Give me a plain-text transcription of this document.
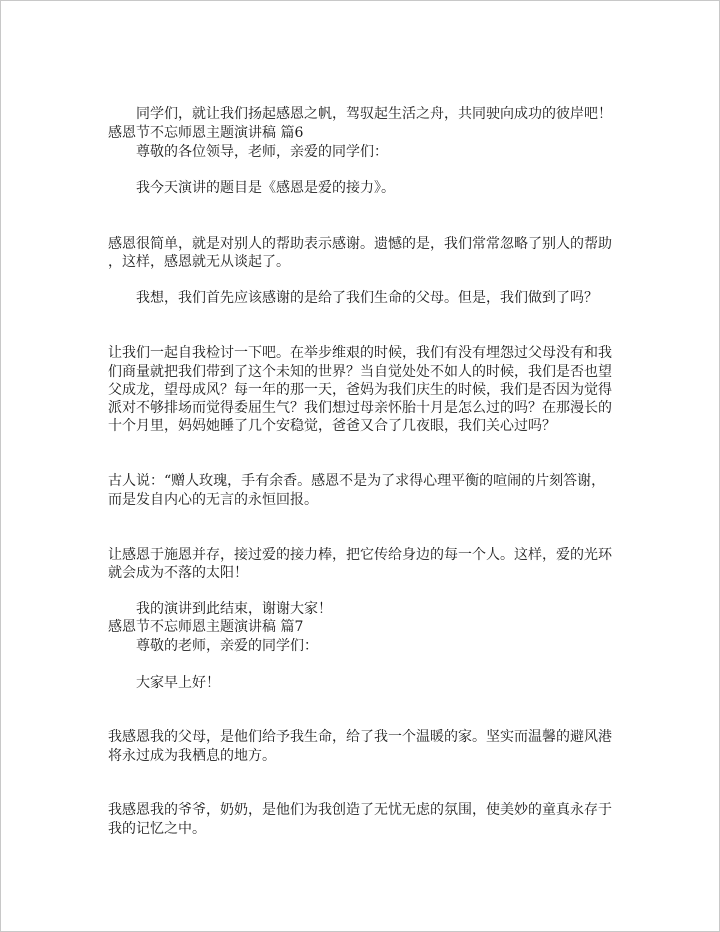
同学们，就让我们扬起感恩之帆，驾驭起生活之舟，共同驶向成功的彼岸吧！
感恩节不忘师恩主题演讲稿 篇6
尊敬的各位领导，老师，亲爱的同学们：
我今天演讲的题目是《感恩是爱的接力》。
感恩很简单，就是对别人的帮助表示感谢。遗憾的是，我们常常忽略了别人的帮助
，这样，感恩就无从谈起了。
我想，我们首先应该感谢的是给了我们生命的父母。但是，我们做到了吗？
让我们一起自我检讨一下吧。在举步维艰的时候，我们有没有埋怨过父母没有和我
们商量就把我们带到了这个未知的世界？当自觉处处不如人的时候，我们是否也望
父成龙，望母成风？每一年的那一天，爸妈为我们庆生的时候，我们是否因为觉得
派对不够排场而觉得委屈生气？我们想过母亲怀胎十月是怎么过的吗？在那漫长的
十个月里，妈妈她睡了几个安稳觉，爸爸又合了几夜眼，我们关心过吗？
古人说：“赠人玫瑰，手有余香。感恩不是为了求得心理平衡的喧闹的片刻答谢，
而是发自内心的无言的永恒回报。
让感恩于施恩并存，接过爱的接力棒，把它传给身边的每一个人。这样，爱的光环
就会成为不落的太阳！
我的演讲到此结束，谢谢大家！
感恩节不忘师恩主题演讲稿 篇7
尊敬的老师，亲爱的同学们：
大家早上好！
我感恩我的父母，是他们给予我生命，给了我一个温暖的家。坚实而温馨的避风港
将永过成为我栖息的地方。
我感恩我的爷爷，奶奶，是他们为我创造了无忧无虑的氛围，使美妙的童真永存于
我的记忆之中。
